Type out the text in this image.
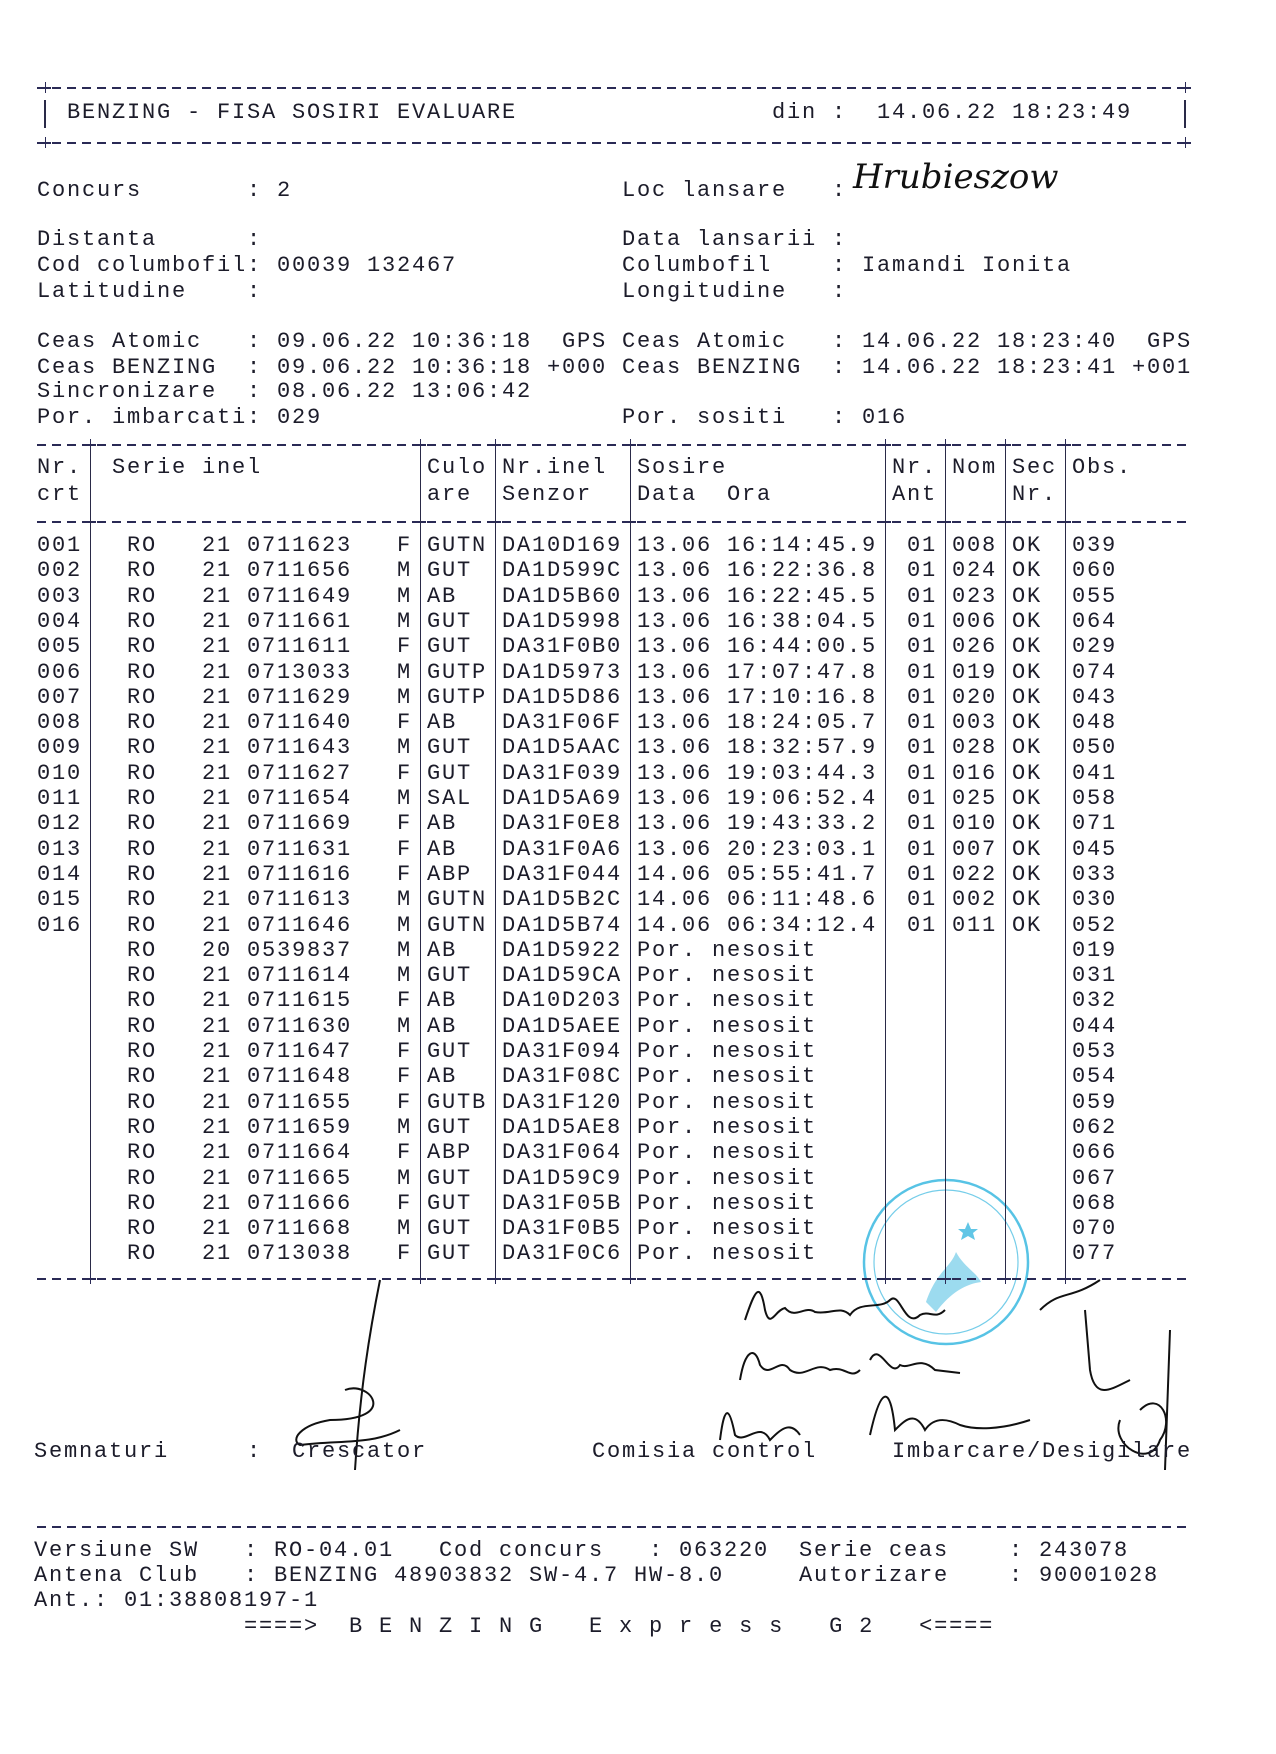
BENZING - FISA SOSIRI EVALUARE	din : 14.06.22 18:23:49
Concurs	: 2	Loc lansare : Hrubieszow
Distanta	:	Data lansarii :
Cod columbofil : 00039 132467	Columbofil	: Iamandi Ionita
Latitudine	:	Longitudine :
Ceas Atomic : 09.06.22 10:36:18 GPS Ceas Atomic : 14.06.22 18:23:40 GPS
Ceas BENZING : 09.06.22 10:36:18 +000 Ceas BENZING : 14.06.22 18:23:41 +001
Sincronizare : 08.06.22 13:06:42
Por. imbarcati : 029	Por. sositi : 016
Nr. Serie inel	Culo Nr.inel Sosire	Nr. Nom Sec Obs.
crt	are Senzor Data Ora	Ant	Nr.
001 RO 21 0711623 F GUTN DA10D169 13.06 16:14:45.9 01 008 OK 039
002 RO 21 0711656 M GUT DA1D599C 13.06 16:22:36.8 01 024 OK 060
003 RO 21 0711649 M AB DA1D5B60 13.06 16:22:45.5 01 023 OK 055
004 RO 21 0711661 M GUT DA1D5998 13.06 16:38:04.5 01 006 OK 064
005 RO 21 0711611 F GUT DA31F0B0 13.06 16:44:00.5 01 026 OK 029
006 RO 21 0713033 M GUTP DA1D5973 13.06 17:07:47.8 01 019 OK 074
007 RO 21 0711629 M GUTP DA1D5D86 13.06 17:10:16.8 01 020 OK 043
008 RO 21 0711640 F AB DA31F06F 13.06 18:24:05.7 01 003 OK 048
009 RO 21 0711643 M GUT DA1D5AAC 13.06 18:32:57.9 01 028 OK 050
010 RO 21 0711627 F GUT DA31F039 13.06 19:03:44.3 01 016 OK 041
011 RO 21 0711654 M SAL DA1D5A69 13.06 19:06:52.4 01 025 OK 058
012 RO 21 0711669 F AB DA31F0E8 13.06 19:43:33.2 01 010 OK 071
013 RO 21 0711631 F AB DA31F0A6 13.06 20:23:03.1 01 007 OK 045
014 RO 21 0711616 F ABP DA31F044 14.06 05:55:41.7 01 022 OK 033
015 RO 21 0711613 M GUTN DA1D5B2C 14.06 06:11:48.6 01 002 OK 030
016 RO 21 0711646 M GUTN DA1D5B74 14.06 06:34:12.4 01 011 OK 052
RO 20 0539837 M AB DA1D5922 Por. nesosit	019
RO 21 0711614 M GUT DA1D59CA Por. nesosit	031
RO 21 0711615 F AB DA10D203 Por. nesosit	032
RO 21 0711630 M AB DA1D5AEE Por. nesosit	044
RO 21 0711647 F GUT DA31F094 Por. nesosit	053
RO 21 0711648 F AB DA31F08C Por. nesosit	054
RO 21 0711655 F GUTB DA31F120 Por. nesosit	059
RO 21 0711659 M GUT DA1D5AE8 Por. nesosit	062
RO 21 0711664 F ABP DA31F064 Por. nesosit	066
RO 21 0711665 M GUT DA1D59C9 Por. nesosit	067
RO 21 0711666 F GUT DA31F05B Por. nesosit	068
RO 21 0711668 M GUT DA31F0B5 Por. nesosit	070
RO 21 0713038 F GUT DA31F0C6 Por. nesosit	077
Semnaturi	: Crescator	Comisia control	Imbarcare/Desigilare
Versiune SW : RO-04.01 Cod concurs : 063220 Serie ceas	: 243078
Antena Club : BENZING 48903832 SW-4.7 HW-8.0	Autorizare	: 90001028
Ant.: 01:38808197-1
====>  B E N Z I N G   E x p r e s s   G 2   <====
